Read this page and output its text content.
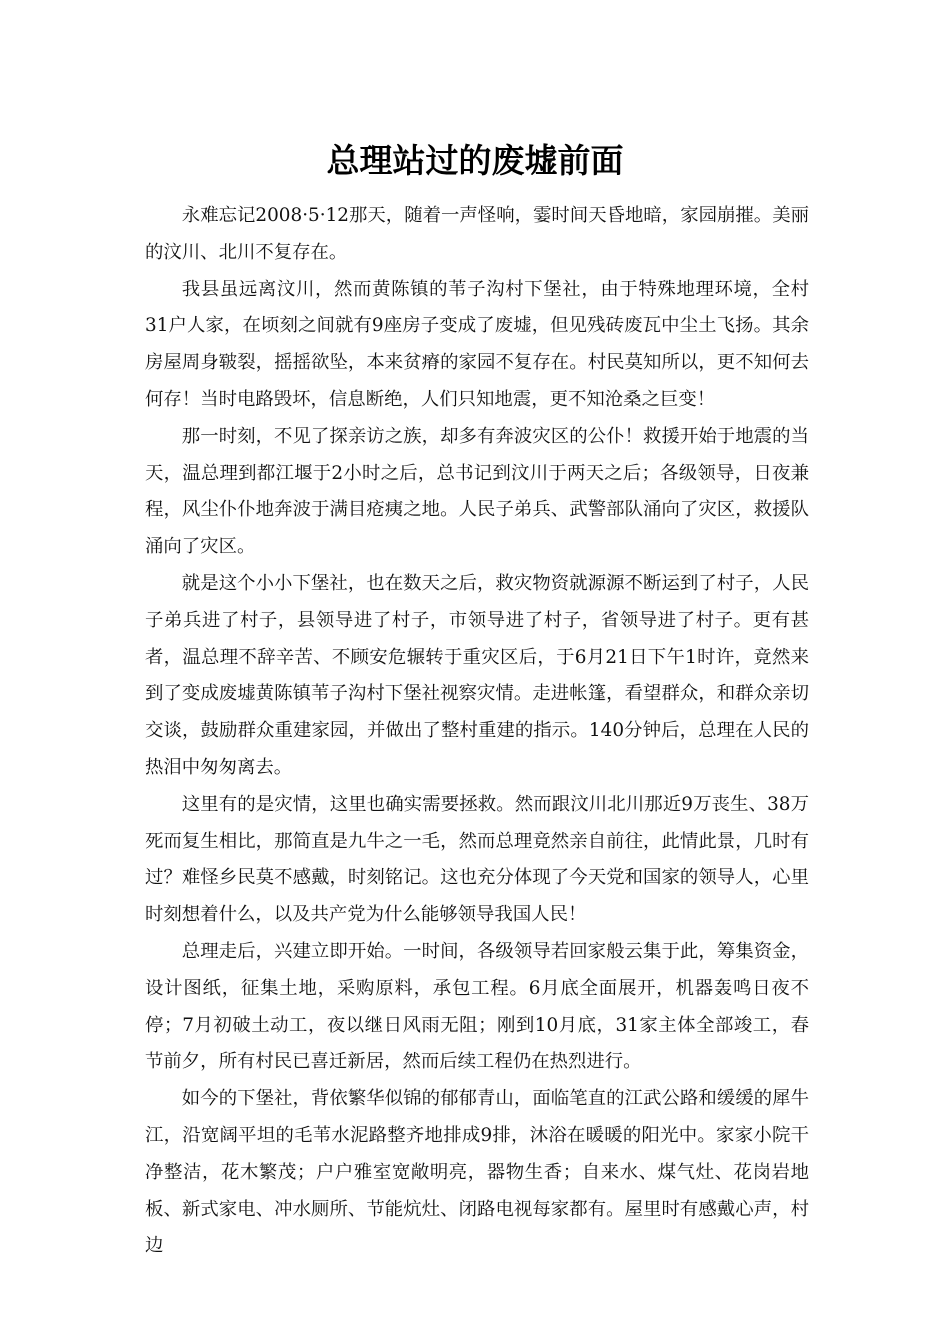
总理站过的废墟前面

永难忘记2008·5·12那天，随着一声怪响，霎时间天昏地暗，家园崩摧。美丽的汶川、北川不复存在。

我县虽远离汶川，然而黄陈镇的苇子沟村下堡社，由于特殊地理环境，全村31户人家，在顷刻之间就有9座房子变成了废墟，但见残砖废瓦中尘土飞扬。其余房屋周身皲裂，摇摇欲坠，本来贫瘠的家园不复存在。村民莫知所以，更不知何去何存！当时电路毁坏，信息断绝，人们只知地震，更不知沧桑之巨变！

那一时刻，不见了探亲访之族，却多有奔波灾区的公仆！救援开始于地震的当天，温总理到都江堰于2小时之后，总书记到汶川于两天之后；各级领导，日夜兼程，风尘仆仆地奔波于满目疮痍之地。人民子弟兵、武警部队涌向了灾区，救援队涌向了灾区。

就是这个小小下堡社，也在数天之后，救灾物资就源源不断运到了村子，人民子弟兵进了村子，县领导进了村子，市领导进了村子，省领导进了村子。更有甚者，温总理不辞辛苦、不顾安危辗转于重灾区后，于6月21日下午1时许，竟然来到了变成废墟黄陈镇苇子沟村下堡社视察灾情。走进帐篷，看望群众，和群众亲切交谈，鼓励群众重建家园，并做出了整村重建的指示。140分钟后，总理在人民的热泪中匆匆离去。

这里有的是灾情，这里也确实需要拯救。然而跟汶川北川那近9万丧生、38万死而复生相比，那简直是九牛之一毛，然而总理竟然亲自前往，此情此景，几时有过？难怪乡民莫不感戴，时刻铭记。这也充分体现了今天党和国家的领导人，心里时刻想着什么，以及共产党为什么能够领导我国人民！

总理走后，兴建立即开始。一时间，各级领导若回家般云集于此，筹集资金，设计图纸，征集土地，采购原料，承包工程。6月底全面展开，机器轰鸣日夜不停；7月初破土动工，夜以继日风雨无阻；刚到10月底，31家主体全部竣工，春节前夕，所有村民已喜迁新居，然而后续工程仍在热烈进行。

如今的下堡社，背依繁华似锦的郁郁青山，面临笔直的江武公路和缓缓的犀牛江，沿宽阔平坦的毛苇水泥路整齐地排成9排，沐浴在暖暖的阳光中。家家小院干净整洁，花木繁茂；户户雅室宽敞明亮，器物生香；自来水、煤气灶、花岗岩地板、新式家电、冲水厕所、节能炕灶、闭路电视每家都有。屋里时有感戴心声，村边
